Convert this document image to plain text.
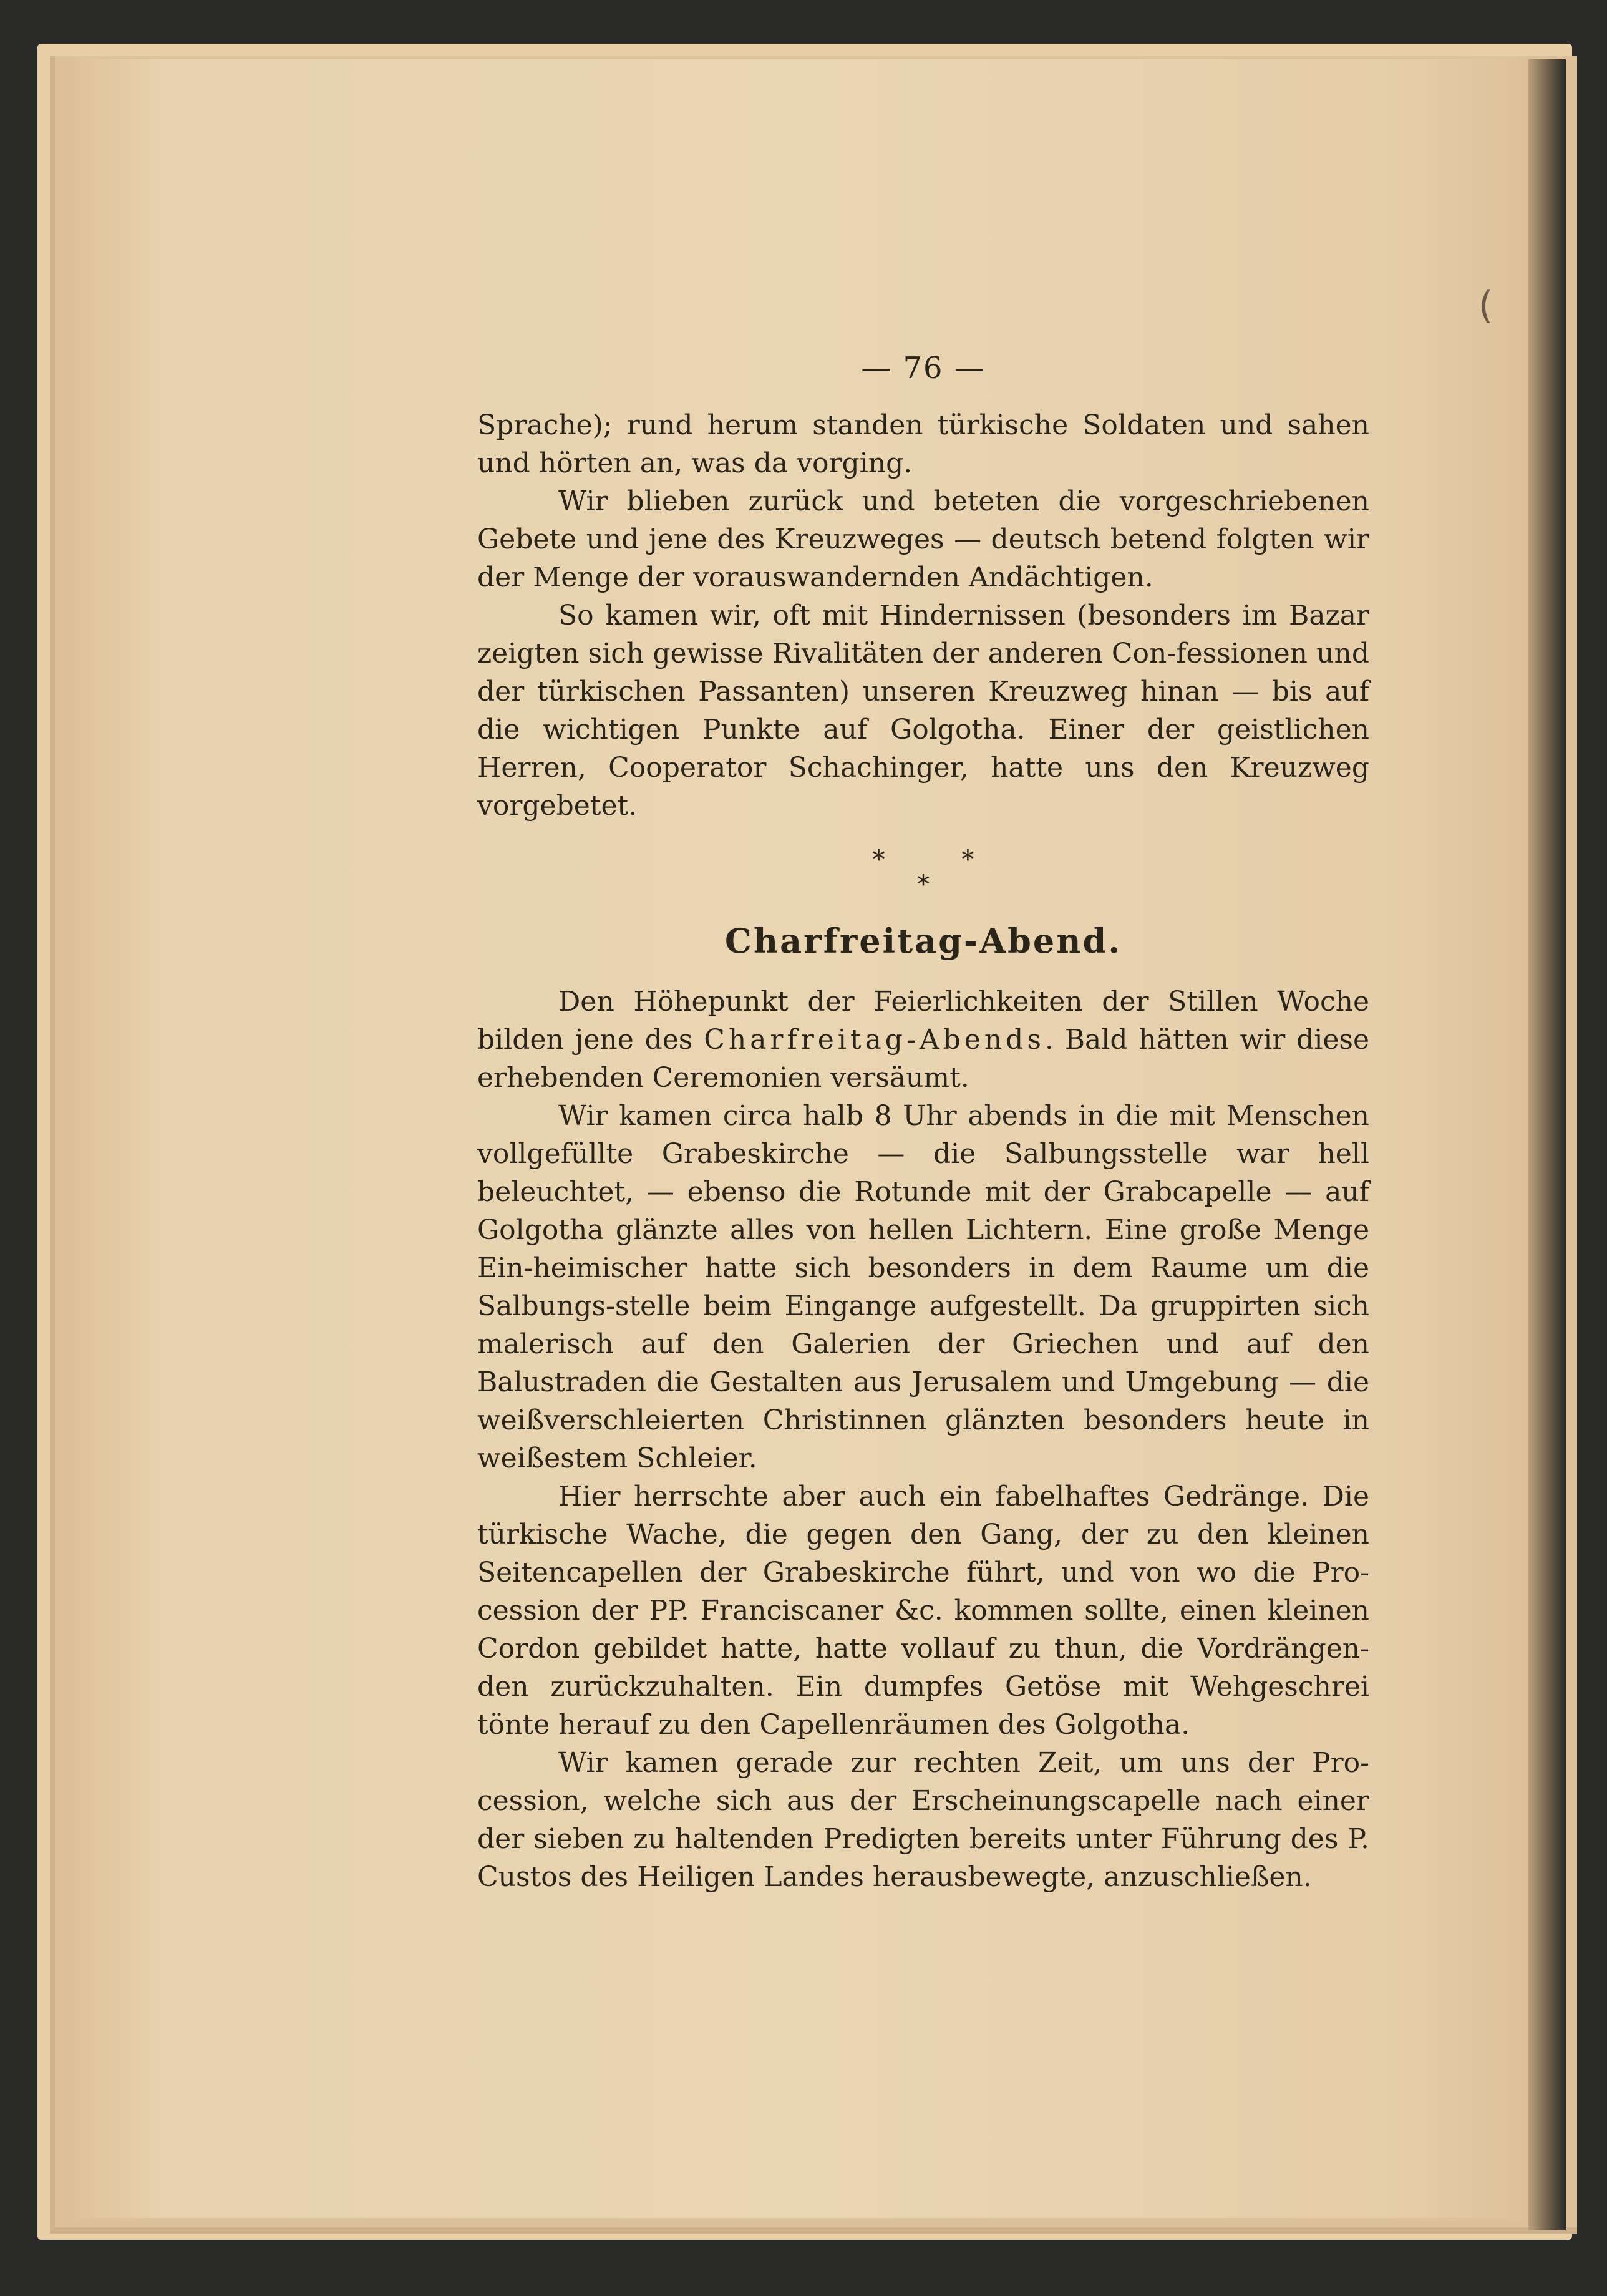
(
— 76 —

Sprache); rund herum standen türkische Soldaten und sahen und hörten an, was da vorging.

Wir blieben zurück und beteten die vorgeschriebenen Gebete und jene des Kreuzweges — deutsch betend folgten wir der Menge der vorauswandernden Andächtigen.

So kamen wir, oft mit Hindernissen (besonders im Bazar zeigten sich gewisse Rivalitäten der anderen Con-fessionen und der türkischen Passanten) unseren Kreuzweg hinan — bis auf die wichtigen Punkte auf Golgotha. Einer der geistlichen Herren, Cooperator Schachinger, hatte uns den Kreuzweg vorgebetet.

* *
*
Charfreitag-Abend.

Den Höhepunkt der Feierlichkeiten der Stillen Woche bilden jene des Charfreitag-Abends. Bald hätten wir diese erhebenden Ceremonien versäumt.

Wir kamen circa halb 8 Uhr abends in die mit Menschen vollgefüllte Grabeskirche — die Salbungsstelle war hell beleuchtet, — ebenso die Rotunde mit der Grabcapelle — auf Golgotha glänzte alles von hellen Lichtern. Eine große Menge Ein-heimischer hatte sich besonders in dem Raume um die Salbungs-stelle beim Eingange aufgestellt. Da gruppirten sich malerisch auf den Galerien der Griechen und auf den Balustraden die Gestalten aus Jerusalem und Umgebung — die weißverschleierten Christinnen glänzten besonders heute in weißestem Schleier.

Hier herrschte aber auch ein fabelhaftes Gedränge. Die türkische Wache, die gegen den Gang, der zu den kleinen Seitencapellen der Grabeskirche führt, und von wo die Pro-cession der PP. Franciscaner &c. kommen sollte, einen kleinen Cordon gebildet hatte, hatte vollauf zu thun, die Vordrängen-den zurückzuhalten. Ein dumpfes Getöse mit Wehgeschrei tönte herauf zu den Capellenräumen des Golgotha.

Wir kamen gerade zur rechten Zeit, um uns der Pro-cession, welche sich aus der Erscheinungscapelle nach einer der sieben zu haltenden Predigten bereits unter Führung des P. Custos des Heiligen Landes herausbewegte, anzuschließen.
